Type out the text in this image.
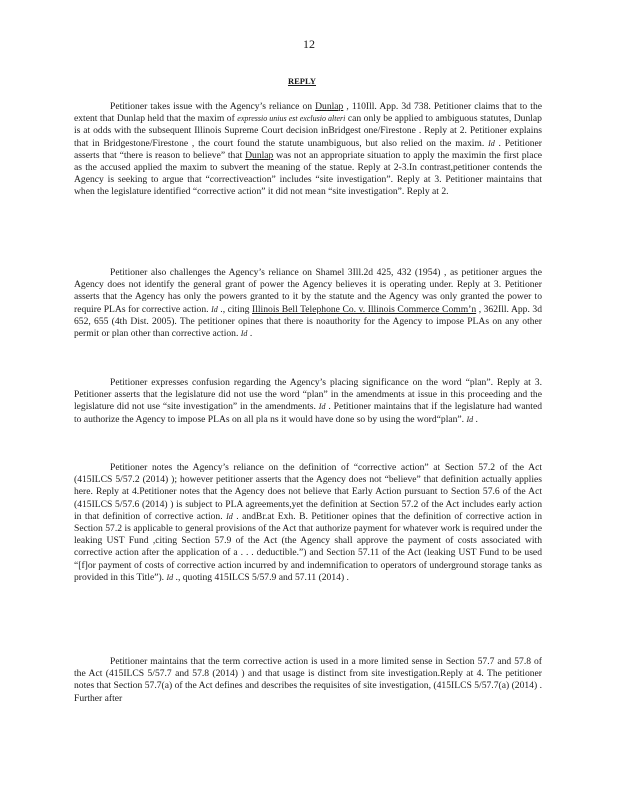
12
REPLY

Petitioner takes issue with the Agency’s reliance on Dunlap , 110Ill. App. 3d 738. Petitioner claims that to the extent that Dunlap held that the maxim of expressio unius est exclusio alteri can only be applied to ambiguous statutes, Dunlap is at odds with the subsequent Illinois Supreme Court decision inBridgest one/Firestone . Reply at 2. Petitioner explains that in Bridgestone/Firestone , the court found the statute unambiguous, but also relied on the maxim. Id . Petitioner asserts that “there is reason to believe” that Dunlap was not an appropriate situation to apply the maximin the first place as the accused applied the maxim to subvert the meaning of the statue. Reply at 2-3.In contrast,petitioner contends the Agency is seeking to argue that “correctiveaction” includes “site investigation”. Reply at 3. Petitioner maintains that when the legislature identified “corrective action” it did not mean “site investigation”. Reply at 2.

Petitioner also challenges the Agency’s reliance on Shamel 3Ill.2d 425, 432 (1954) , as petitioner argues the Agency does not identify the general grant of power the Agency believes it is operating under. Reply at 3. Petitioner asserts that the Agency has only the powers granted to it by the statute and the Agency was only granted the power to require PLAs for corrective action. Id ., citing Illinois Bell Telephone Co. v. Illinois Commerce Comm’n , 362Ill. App. 3d 652, 655 (4th Dist. 2005). The petitioner opines that there is noauthority for the Agency to impose PLAs on any other permit or plan other than corrective action. Id .

Petitioner expresses confusion regarding the Agency’s placing significance on the word “plan”. Reply at 3. Petitioner asserts that the legislature did not use the word “plan” in the amendments at issue in this proceeding and the legislature did not use “site investigation” in the amendments. Id . Petitioner maintains that if the legislature had wanted to authorize the Agency to impose PLAs on all pla ns it would have done so by using the word“plan”. Id .

Petitioner notes the Agency’s reliance on the definition of “corrective action” at Section 57.2 of the Act (415ILCS 5/57.2 (2014) ); however petitioner asserts that the Agency does not “believe” that definition actually applies here. Reply at 4.Petitioner notes that the Agency does not believe that Early Action pursuant to Section 57.6 of the Act (415ILCS 5/57.6 (2014) ) is subject to PLA agreements,yet the definition at Section 57.2 of the Act includes early action in that definition of corrective action. Id . andBr.at Exh. B. Petitioner opines that the definition of corrective action in Section 57.2 is applicable to general provisions of the Act that authorize payment for whatever work is required under the leaking UST Fund ,citing Section 57.9 of the Act (the Agency shall approve the payment of costs associated with corrective action after the application of a . . . deductible.”) and Section 57.11 of the Act (leaking UST Fund to be used “[f]or payment of costs of corrective action incurred by and indemnification to operators of underground storage tanks as provided in this Title”). Id ., quoting 415ILCS 5/57.9 and 57.11 (2014) .

Petitioner maintains that the term corrective action is used in a more limited sense in Section 57.7 and 57.8 of the Act (415ILCS 5/57.7 and 57.8 (2014) ) and that usage is distinct from site investigation.Reply at 4. The petitioner notes that Section 57.7(a) of the Act defines and describes the requisites of site investigation, (415ILCS 5/57.7(a) (2014) . Further after
